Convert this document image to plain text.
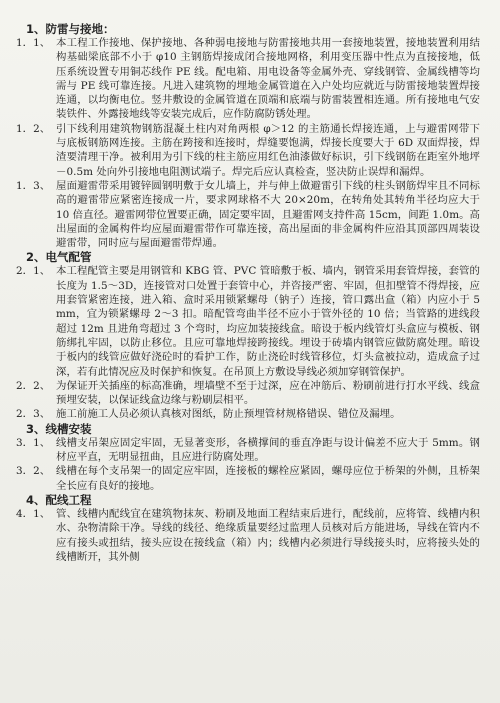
1、防雷与接地：
1．1、 本工程工作接地、保护接地、各种弱电接地与防雷接地共用一套接地装置，接地装置利用结构基础梁底部不小于 φ10 主钢筋焊接成闭合接地网格，利用变压器中性点为直接接地，低压系统设置专用铜芯线作 PE 线。配电箱、用电设备等金属外壳、穿线钢管、金属线槽等均需与 PE 线可靠连接。凡进入建筑物的埋地金属管道在入户处均应就近与防雷接地装置焊接连通，以均衡电位。竖井敷设的金属管道在顶端和底端与防雷装置相连通。所有接地电气安装铁件、外露接地线等安装完成后，应作防腐防锈处理。
1．2、 引下线利用建筑物钢筋混凝土柱内对角两根 φ＞12 的主筋通长焊接连通，上与避雷网带下与底板钢筋网连接。主筋在跨接和连接时，焊缝要饱满，焊接长度要大于 6D 双面焊接，焊渣要清理干净。被利用为引下线的柱主筋应用红色油漆做好标识，引下线钢筋在距室外地坪－0.5m 处向外引接地电阻测试端子。焊完后应认真检查，竖决防止误焊和漏焊。
1．3、 屋面避雷带采用镀锌圆钢明敷于女儿墙上，并与伸上做避雷引下线的柱头钢筋焊牢且不同标高的避雷带应紧密连接成一片，要求网球格不大 20×20m，在转角处其转角半径均应大于 10 倍直径。避雷网带位置要正确，固定要牢固，且避雷网支持件高 15cm，间距 1.0m。高出屋面的金属构件均应屋面避雷带作可靠连接，高出屋面的非金属构件应沿其顶部四周装设避雷带，同时应与屋面避雷带焊通。
2、电气配管
2．1、 本工程配管主要是用钢管和 KBG 管、PVC 管暗敷于板、墙内，钢管采用套管焊接，套管的长度为 1.5～3D，连接管对口处置于套管中心，并咨接严密、牢固，但扣壁管不得焊接，应用套管紧密连接，进入箱、盒时采用锁紧螺母（钠子）连接，管口露出盒（箱）内应小于 5mm，宜为锁紧螺母 2～3 扣。暗配管弯曲半径不应小于管外径的 10 倍；当管路的进线段超过 12m 且进角弯超过 3 个弯时，均应加装接线盒。暗设于板内线管灯头盒应与模板、钢筋绑扎牢固，以防止移位。且应可靠地焊接跨接线。埋设于砖墙内钢管应做防腐处理。暗设于板内的线管应做好浇砼时的看护工作，防止浇砼时线管移位，灯头盒被拉动，造成盒子过深，若有此情况应及时保护和恢复。在吊顶上方敷设导线必须加穿钢管保护。
2．2、 为保证开关插座的标高准确，埋墙壁不至于过深，应在冲筋后、粉刷前进行打水平线、线盒预埋安装，以保证线盒边缘与粉刷层相平。
2．3、 施工前施工人员必须认真核对图纸，防止预埋管材规格错误、错位及漏埋。
3、线槽安装
3．1、 线槽支吊架应固定牢固，无显著变形，各横撑间的垂直净距与设计偏差不应大于 5mm。钢材应平直，无明显扭曲，且应进行防腐处理。
3．2、 线槽在每个支吊架一的固定应牢固，连接板的螺栓应紧固，螺母应位于桥架的外侧，且桥架全长应有良好的接地。
4、配线工程
4．1、 管、线槽内配线宜在建筑物抹灰、粉刷及地面工程结束后进行，配线前，应将管、线槽内积水、杂物清除干净。导线的线径、绝缘质量要经过监理人员核对后方能进场，导线在管内不应有接头或扭结，接头应设在接线盒（箱）内；线槽内必须进行导线接头时，应将接头处的线槽断开，其外侧
